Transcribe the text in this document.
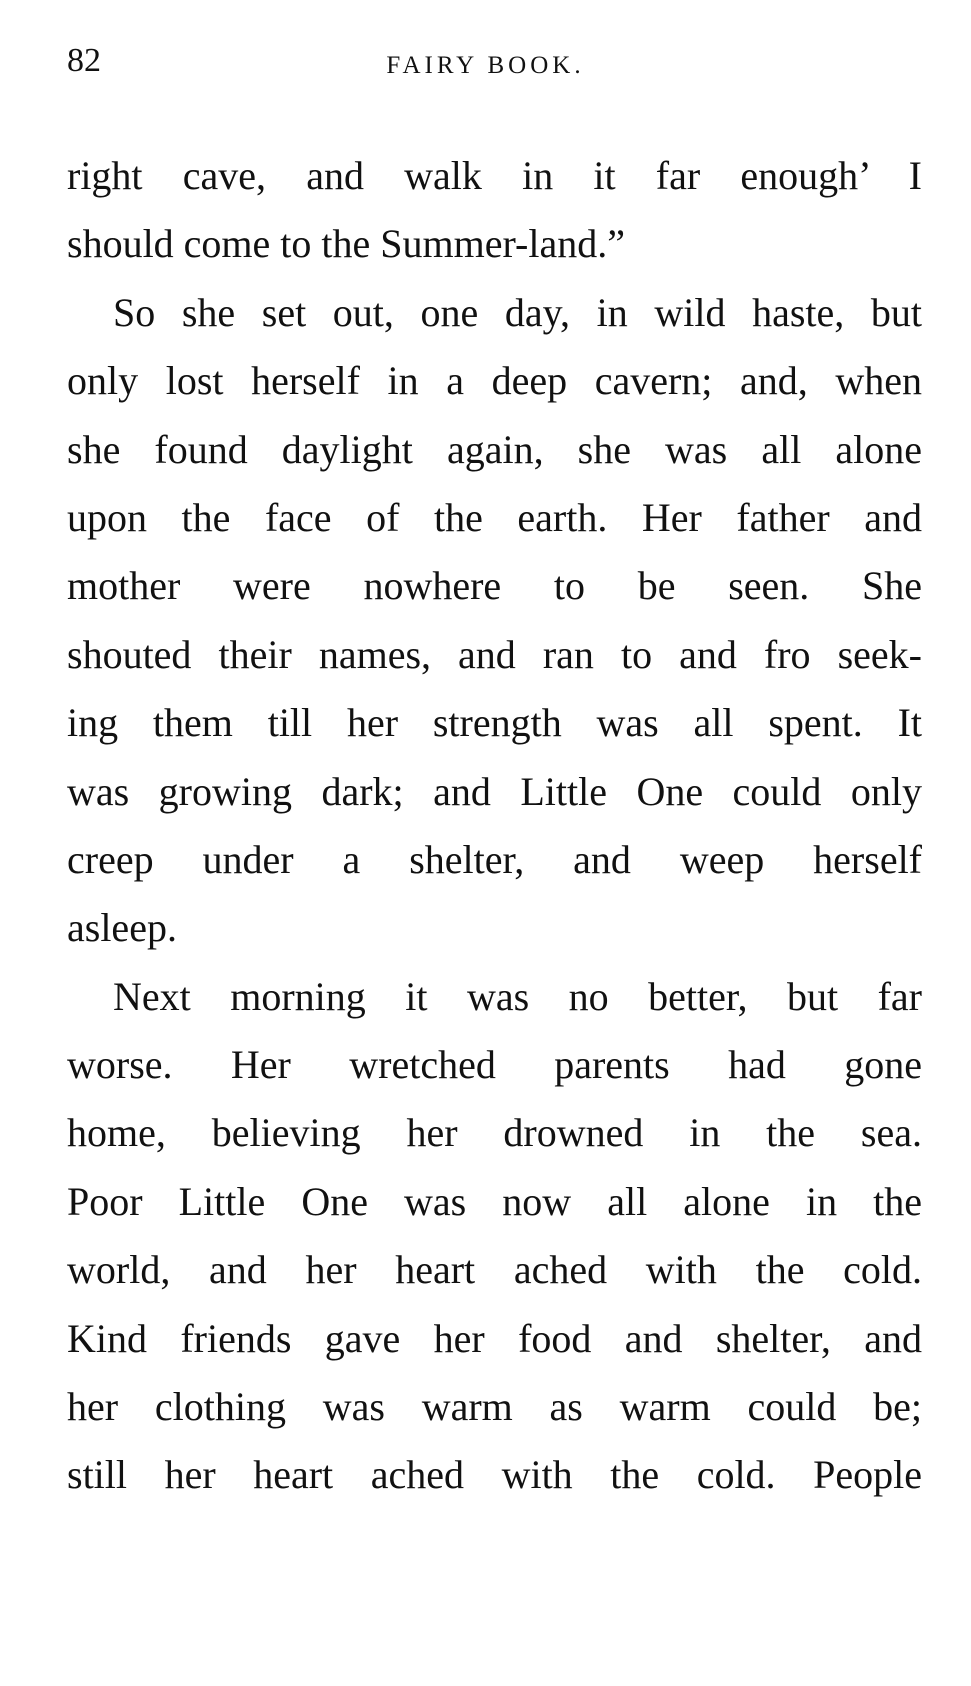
82	FAIRY BOOK.
right cave, and walk in it far enough’ I
should come to the Summer-land.”
So she set out, one day, in wild haste, but
only lost herself in a deep cavern; and, when
she found daylight again, she was all alone
upon the face of the earth. Her father and
mother were nowhere to be seen. She
shouted their names, and ran to and fro seek-
ing them till her strength was all spent. It
was growing dark; and Little One could only
creep under a shelter, and weep herself
asleep.
Next morning it was no better, but far
worse. Her wretched parents had gone
home, believing her drowned in the sea.
Poor Little One was now all alone in the
world, and her heart ached with the cold.
Kind friends gave her food and shelter, and
her clothing was warm as warm could be;
still her heart ached with the cold. People
